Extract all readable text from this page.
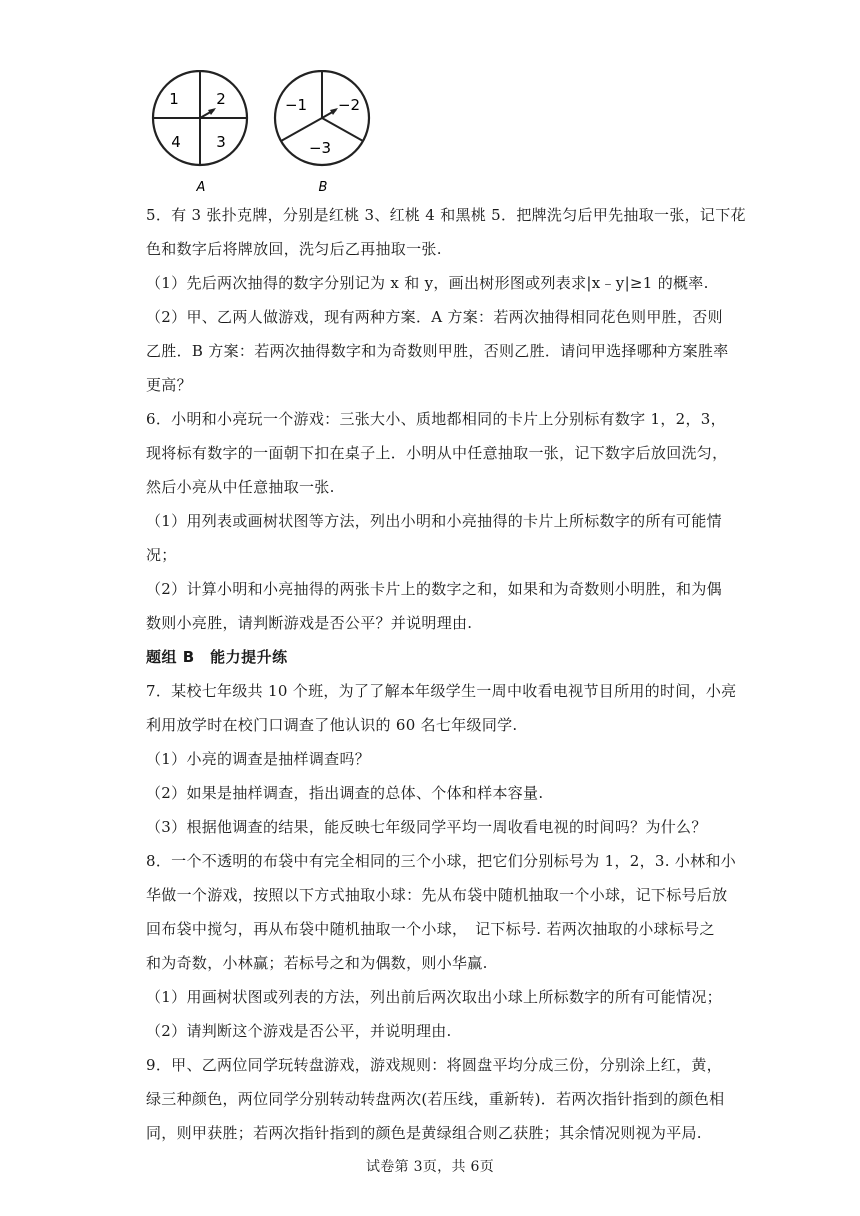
1 2
3
4
A
−1 −2
−3
B
5．有 3 张扑克牌，分别是红桃 3、红桃 4 和黑桃 5．把牌洗匀后甲先抽取一张，记下花
色和数字后将牌放回，洗匀后乙再抽取一张.
（1）先后两次抽得的数字分别记为 x 和 y，画出树形图或列表求|x﹣y|≥1 的概率.
（2）甲、乙两人做游戏，现有两种方案．A 方案：若两次抽得相同花色则甲胜，否则
乙胜．B 方案：若两次抽得数字和为奇数则甲胜，否则乙胜．请问甲选择哪种方案胜率
更高？
6．小明和小亮玩一个游戏：三张大小、质地都相同的卡片上分别标有数字 1，2，3，
现将标有数字的一面朝下扣在桌子上．小明从中任意抽取一张，记下数字后放回洗匀，
然后小亮从中任意抽取一张.
（1）用列表或画树状图等方法，列出小明和小亮抽得的卡片上所标数字的所有可能情
况；
（2）计算小明和小亮抽得的两张卡片上的数字之和，如果和为奇数则小明胜，和为偶
数则小亮胜，请判断游戏是否公平？并说明理由.
题组 B　能力提升练
7．某校七年级共 10 个班，为了了解本年级学生一周中收看电视节目所用的时间，小亮
利用放学时在校门口调查了他认识的 60 名七年级同学.
（1）小亮的调查是抽样调查吗？
（2）如果是抽样调查，指出调查的总体、个体和样本容量.
（3）根据他调查的结果，能反映七年级同学平均一周收看电视的时间吗？为什么？
8．一个不透明的布袋中有完全相同的三个小球，把它们分别标号为 1，2，3. 小林和小
华做一个游戏，按照以下方式抽取小球：先从布袋中随机抽取一个小球，记下标号后放
回布袋中搅匀，再从布袋中随机抽取一个小球，　记下标号. 若两次抽取的小球标号之
和为奇数，小林赢；若标号之和为偶数，则小华赢.
（1）用画树状图或列表的方法，列出前后两次取出小球上所标数字的所有可能情况；
（2）请判断这个游戏是否公平，并说明理由.
9．甲、乙两位同学玩转盘游戏，游戏规则：将圆盘平均分成三份，分别涂上红，黄，
绿三种颜色，两位同学分别转动转盘两次(若压线，重新转)．若两次指针指到的颜色相
同，则甲获胜；若两次指针指到的颜色是黄绿组合则乙获胜；其余情况则视为平局.
试卷第 3页，共 6页
